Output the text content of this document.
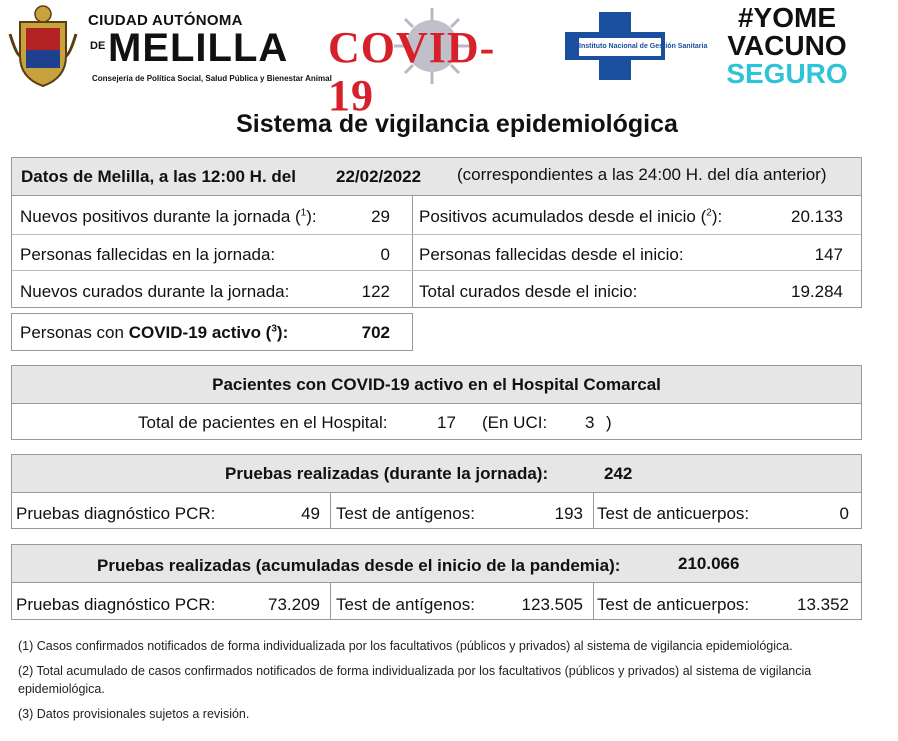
CIUDAD AUTÓNOMA
DE MELILLA
Consejería de Política Social, Salud Pública y Bienestar Animal
COVID-19
Instituto Nacional de Gestión Sanitaria
#YOME
VACUNO
SEGURO
Sistema de vigilancia epidemiológica
Datos de Melilla, a las 12:00 H. del 22/02/2022 (correspondientes a las 24:00 H. del día anterior)
Nuevos positivos durante la jornada ($^1$):	29 Positivos acumulados desde el inicio ($^2$):	20.133
Personas fallecidas en la jornada:	0 Personas fallecidas desde el inicio:	147
Nuevos curados durante la jornada:	122 Total curados desde el inicio:	19.284
Personas con COVID-19 activo ($^3$):	702
Pacientes con COVID-19 activo en el Hospital Comarcal
Total de pacientes en el Hospital:	17 (En UCI: 3 )
Pruebas realizadas (durante la jornada):	242
Pruebas diagnóstico PCR:	49 Test de antígenos:	193 Test de anticuerpos:	0
Pruebas realizadas (acumuladas desde el inicio de la pandemia):	210.066
Pruebas diagnóstico PCR:	73.209 Test de antígenos:	123.505 Test de anticuerpos:	13.352

(1) Casos confirmados notificados de forma individualizada por los facultativos (públicos y privados) al sistema de vigilancia epidemiológica.

(2) Total acumulado de casos confirmados notificados de forma individualizada por los facultativos (públicos y privados) al sistema de vigilancia epidemiológica.

(3) Datos provisionales sujetos a revisión.
